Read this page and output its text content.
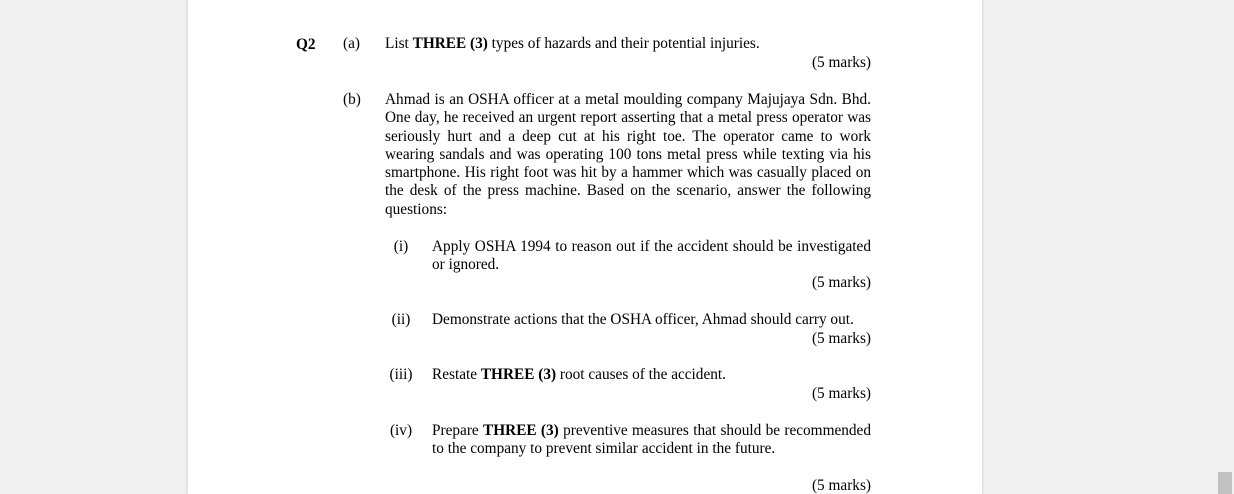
Q2 (a) List THREE (3) types of hazards and their potential injuries.
(5 marks)
(b) Ahmad is an OSHA officer at a metal moulding company Majujaya Sdn. Bhd. One day, he received an urgent report asserting that a metal press operator was seriously hurt and a deep cut at his right toe. The operator came to work wearing sandals and was operating 100 tons metal press while texting via his smartphone. His right foot was hit by a hammer which was casually placed on the desk of the press machine. Based on the scenario, answer the following questions:
(i)	Apply OSHA 1994 to reason out if the accident should be investigated or ignored.
(5 marks)
(ii)	Demonstrate actions that the OSHA officer, Ahmad should carry out.
(5 marks)
(iii)	Restate THREE (3) root causes of the accident.
(5 marks)
(iv)	Prepare THREE (3) preventive measures that should be recommended to the company to prevent similar accident in the future.
(5 marks)
